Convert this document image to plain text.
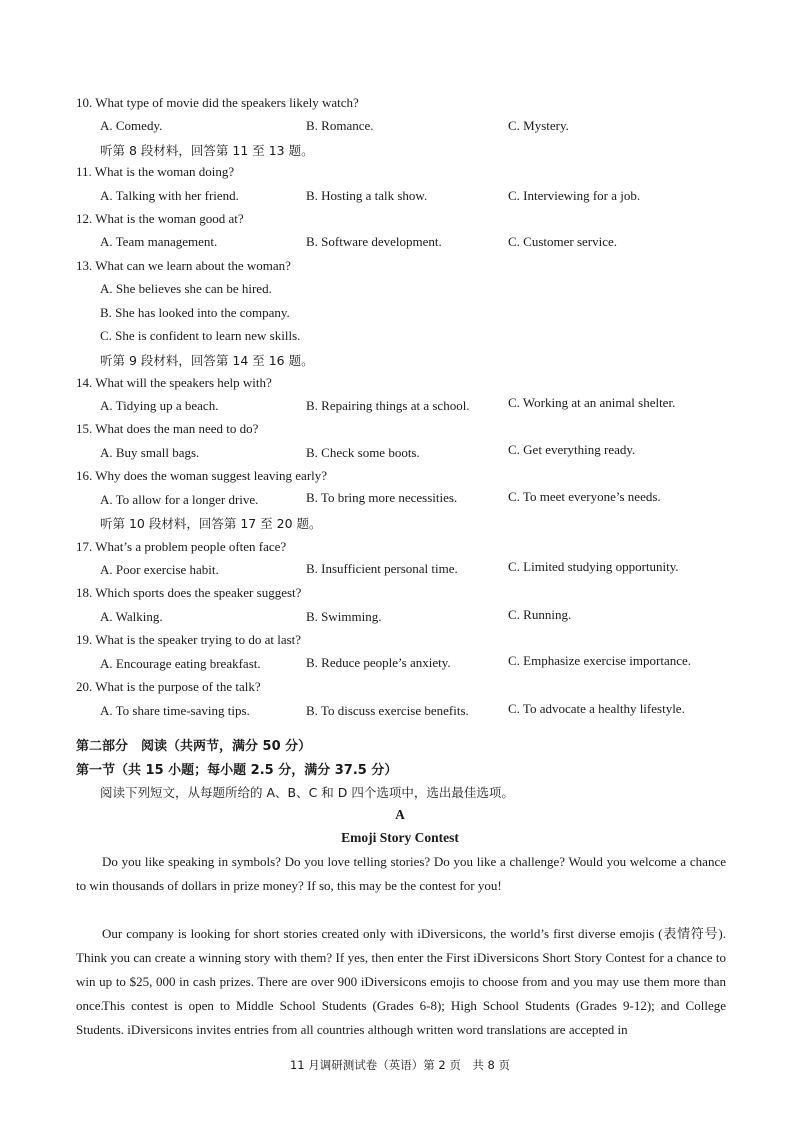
10. What type of movie did the speakers likely watch?
A. Comedy.	B. Romance.	C. Mystery.
听第 8 段材料，回答第 11 至 13 题。
11. What is the woman doing?
A. Talking with her friend.	B. Hosting a talk show.	C. Interviewing for a job.
12. What is the woman good at?
A. Team management.	B. Software development.	C. Customer service.
13. What can we learn about the woman?
A. She believes she can be hired.
B. She has looked into the company.
C. She is confident to learn new skills.
听第 9 段材料，回答第 14 至 16 题。
14. What will the speakers help with?
A. Tidying up a beach.	B. Repairing things at a school.	C. Working at an animal shelter.
15. What does the man need to do?
A. Buy small bags.	B. Check some boots.	C. Get everything ready.
16. Why does the woman suggest leaving early?
A. To allow for a longer drive.	B. To bring more necessities.	C. To meet everyone’s needs.
听第 10 段材料，回答第 17 至 20 题。
17. What’s a problem people often face?
A. Poor exercise habit.	B. Insufficient personal time.	C. Limited studying opportunity.
18. Which sports does the speaker suggest?
A. Walking.	B. Swimming.	C. Running.
19. What is the speaker trying to do at last?
A. Encourage eating breakfast.	B. Reduce people’s anxiety.	C. Emphasize exercise importance.
20. What is the purpose of the talk?
A. To share time-saving tips.	B. To discuss exercise benefits.	C. To advocate a healthy lifestyle.
第二部分　阅读（共两节，满分 50 分）
第一节（共 15 小题；每小题 2.5 分，满分 37.5 分）
阅读下列短文，从每题所给的 A、B、C 和 D 四个选项中，选出最佳选项。
A
Emoji Story Contest
Do you like speaking in symbols? Do you love telling stories? Do you like a challenge? Would you welcome a chance to win thousands of dollars in prize money? If so, this may be the contest for you!
Our company is looking for short stories created only with iDiversicons, the world’s first diverse emojis (表情符号). Think you can create a winning story with them? If yes, then enter the First iDiversicons Short Story Contest for a chance to win up to $25, 000 in cash prizes. There are over 900 iDiversicons emojis to choose from and you may use them more than once.
This contest is open to Middle School Students (Grades 6-8); High School Students (Grades 9-12); and College Students. iDiversicons invites entries from all countries although written word translations are accepted in
11 月调研测试卷（英语）第 2 页　共 8 页
